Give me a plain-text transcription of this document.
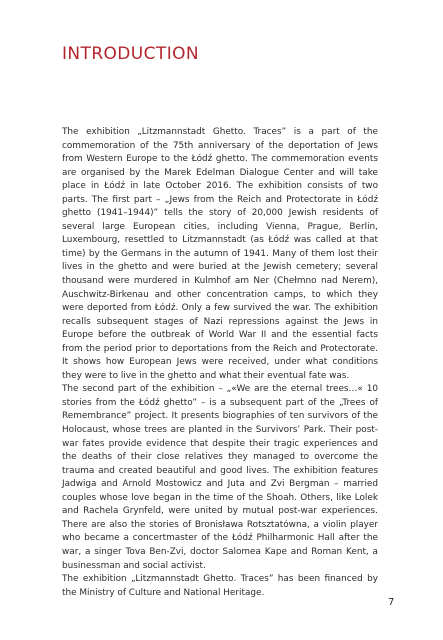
INTRODUCTION

The exhibition „Litzmannstadt Ghetto. Traces” is a part of the commemoration of the 75th anniversary of the deportation of Jews from Western Europe to the Łódź ghetto. The commemoration events are organised by the Marek Edelman Dialogue Center and will take place in Łódź in late October 2016. The exhibition consists of two parts. The first part – „Jews from the Reich and Protectorate in Łódź ghetto (1941–1944)” tells the story of 20,000 Jewish residents of several large European cities, including Vienna, Prague, Berlin, Luxembourg, resettled to Litzmannstadt (as Łódź was called at that time) by the Germans in the autumn of 1941. Many of them lost their lives in the ghetto and were buried at the Jewish cemetery; several thousand were murdered in Kulmhof am Ner (Chełmno nad Nerem), Auschwitz-Birkenau and other concentration camps, to which they were deported from Łódź. Only a few survived the war. The exhibition recalls subsequent stages of Nazi repressions against the Jews in Europe before the outbreak of World War II and the essential facts from the period prior to deportations from the Reich and Protectorate. It shows how European Jews were received, under what conditions they were to live in the ghetto and what their eventual fate was.

The second part of the exhibition – „«We are the eternal trees…« 10 stories from the Łódź ghetto” – is a subsequent part of the „Trees of Remembrance” project. It presents biographies of ten survivors of the Holocaust, whose trees are planted in the Survivors’ Park. Their post-war fates provide evidence that despite their tragic experiences and the deaths of their close relatives they managed to overcome the trauma and created beautiful and good lives. The exhibition features Jadwiga and Arnold Mostowicz and Juta and Zvi Bergman – married couples whose love began in the time of the Shoah. Others, like Lolek and Rachela Grynfeld, were united by mutual post-war experiences. There are also the stories of Bronisława Rotsztatówna, a violin player who became a concertmaster of the Łódź Philharmonic Hall after the war, a singer Tova Ben-Zvi, doctor Salomea Kape and Roman Kent, a businessman and social activist.

The exhibition „Litzmannstadt Ghetto. Traces” has been financed by the Ministry of Culture and National Heritage.

7
